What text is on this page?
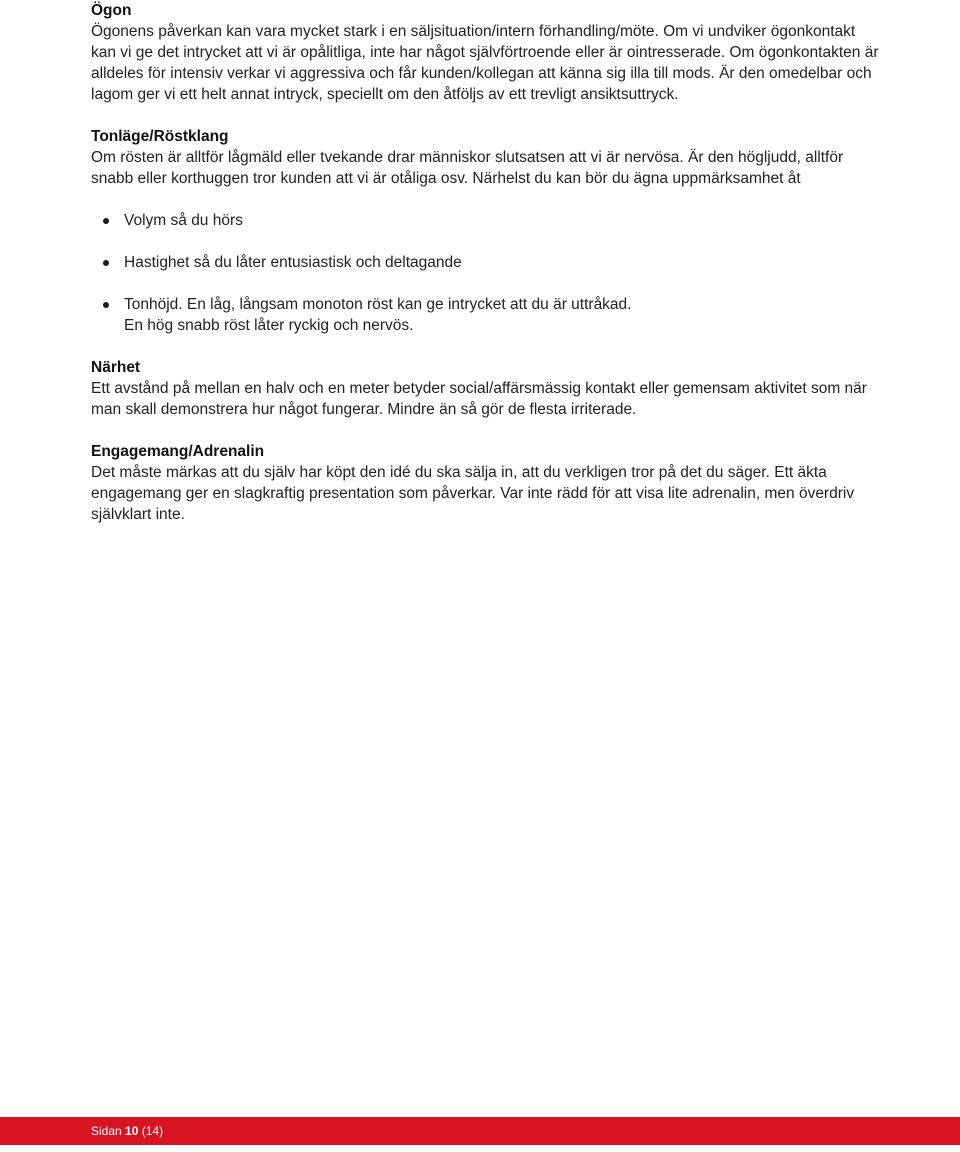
Ögon

Ögonens påverkan kan vara mycket stark i en säljsituation/intern förhandling/möte. Om vi undviker ögonkontakt kan vi ge det intrycket att vi är opålitliga, inte har något självförtroende eller är ointresserade. Om ögonkontakten är alldeles för intensiv verkar vi aggressiva och får kunden/kollegan att känna sig illa till mods. Är den omedelbar och lagom ger vi ett helt annat intryck, speciellt om den åtföljs av ett trevligt ansiktsuttryck.

Tonläge/Röstklang

Om rösten är alltför lågmäld eller tvekande drar människor slutsatsen att vi är nervösa. Är den högljudd, alltför snabb eller korthuggen tror kunden att vi är otåliga osv. Närhelst du kan bör du ägna uppmärksamhet åt

Volym så du hörs
Hastighet så du låter entusiastisk och deltagande
Tonhöjd. En låg, långsam monoton röst kan ge intrycket att du är uttråkad.
En hög snabb röst låter ryckig och nervös.

Närhet

Ett avstånd på mellan en halv och en meter betyder social/affärsmässig kontakt eller gemensam aktivitet som när man skall demonstrera hur något fungerar. Mindre än så gör de flesta irriterade.

Engagemang/Adrenalin

Det måste märkas att du själv har köpt den idé du ska sälja in, att du verkligen tror på det du säger. Ett äkta engagemang ger en slagkraftig presentation som påverkar. Var inte rädd för att visa lite adrenalin, men överdriv självklart inte.

Sidan 10 (14)
